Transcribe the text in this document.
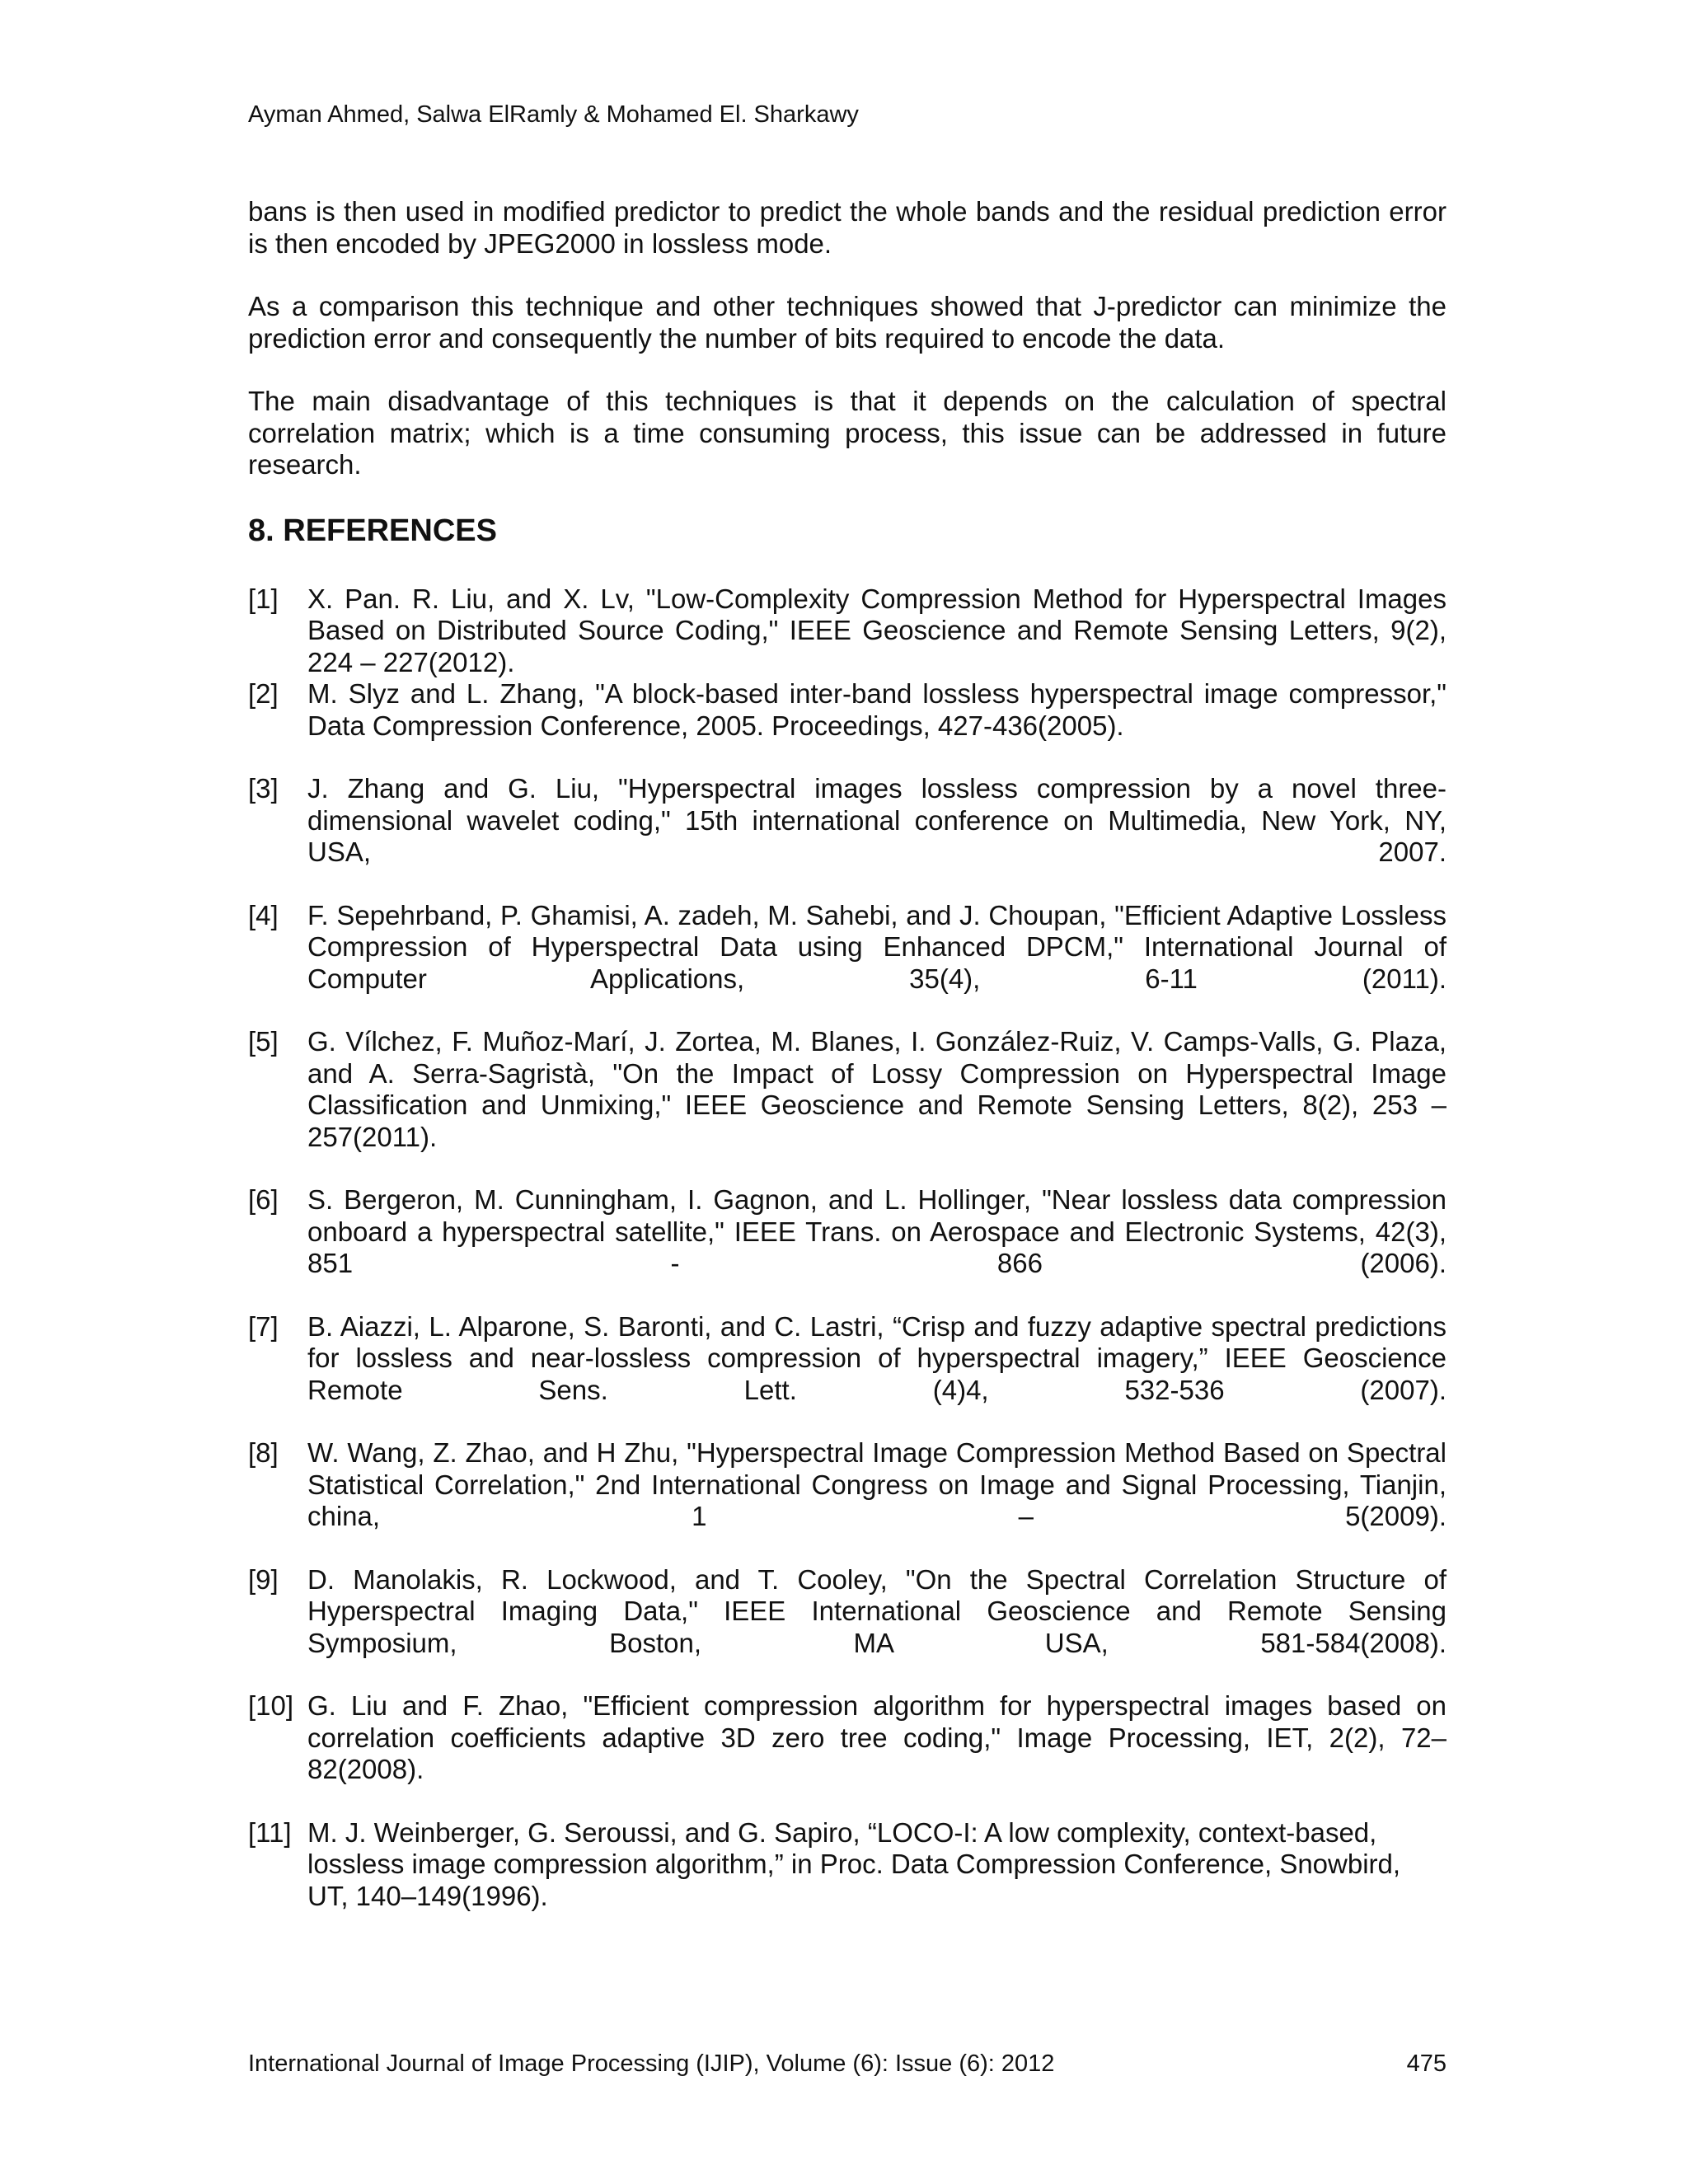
Ayman Ahmed, Salwa ElRamly & Mohamed El. Sharkawy

bans is then used in modified predictor to predict the whole bands and the residual prediction error is then encoded by JPEG2000 in lossless mode.

As a comparison this technique and other techniques showed that J-predictor can minimize the prediction error and consequently the number of bits required to encode the data.

The main disadvantage of this techniques is that it depends on the calculation of spectral correlation matrix; which is a time consuming process, this issue can be addressed in future research.

8. REFERENCES
[1]	X. Pan. R. Liu, and X. Lv, "Low-Complexity Compression Method for Hyperspectral Images Based on Distributed Source Coding," IEEE Geoscience and Remote Sensing Letters, 9(2), 224 – 227(2012).
[2]	M. Slyz and L. Zhang, "A block-based inter-band lossless hyperspectral image compressor," Data Compression Conference, 2005. Proceedings, 427-436(2005).
[3]	J. Zhang and G. Liu, "Hyperspectral images lossless compression by a novel three-dimensional wavelet coding," 15th international conference on Multimedia, New York, NY, USA, 2007.
[4]	F. Sepehrband, P. Ghamisi, A. zadeh, M. Sahebi, and J. Choupan, "Efficient Adaptive Lossless Compression of Hyperspectral Data using Enhanced DPCM," International Journal of Computer Applications, 35(4), 6-11 (2011).
[5]	G. Vílchez, F. Muñoz-Marí, J. Zortea, M. Blanes, I. González-Ruiz, V. Camps-Valls, G. Plaza, and A. Serra-Sagristà, "On the Impact of Lossy Compression on Hyperspectral Image Classification and Unmixing," IEEE Geoscience and Remote Sensing Letters, 8(2), 253 – 257(2011).
[6]	S. Bergeron, M. Cunningham, I. Gagnon, and L. Hollinger, "Near lossless data compression onboard a hyperspectral satellite," IEEE Trans. on Aerospace and Electronic Systems, 42(3), 851 - 866 (2006).
[7]	B. Aiazzi, L. Alparone, S. Baronti, and C. Lastri, “Crisp and fuzzy adaptive spectral predictions for lossless and near-lossless compression of hyperspectral imagery,” IEEE Geoscience Remote Sens. Lett. (4)4, 532-536 (2007).
[8]	W. Wang, Z. Zhao, and H Zhu, "Hyperspectral Image Compression Method Based on Spectral Statistical Correlation," 2nd International Congress on Image and Signal Processing, Tianjin, china, 1 – 5(2009).
[9]	D. Manolakis, R. Lockwood, and T. Cooley, "On the Spectral Correlation Structure of Hyperspectral Imaging Data," IEEE International Geoscience and Remote Sensing Symposium, Boston, MA USA, 581-584(2008).
[10] G. Liu and F. Zhao, "Efficient compression algorithm for hyperspectral images based on correlation coefficients adaptive 3D zero tree coding," Image Processing, IET, 2(2), 72–82(2008).
[11] M. J. Weinberger, G. Seroussi, and G. Sapiro, “LOCO-I: A low complexity, context-based, lossless image compression algorithm,” in Proc. Data Compression Conference, Snowbird, UT, 140–149(1996).
International Journal of Image Processing (IJIP), Volume (6): Issue (6): 2012	475
